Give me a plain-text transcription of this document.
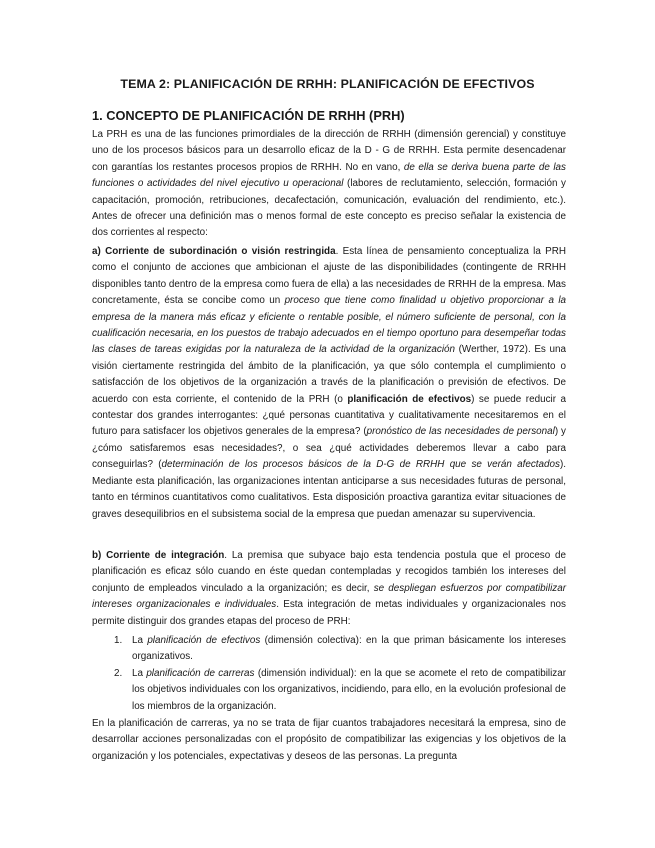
TEMA 2: PLANIFICACIÓN DE RRHH: PLANIFICACIÓN DE EFECTIVOS
1. CONCEPTO DE PLANIFICACIÓN DE RRHH (PRH)

La PRH es una de las funciones primordiales de la dirección de RRHH (dimensión gerencial) y constituye uno de los procesos básicos para un desarrollo eficaz de la D - G de RRHH. Esta permite desencadenar con garantías los restantes procesos propios de RRHH. No en vano, de ella se deriva buena parte de las funciones o actividades del nivel ejecutivo u operacional (labores de reclutamiento, selección, formación y capacitación, promoción, retribuciones, decafectación, comunicación, evaluación del rendimiento, etc.). Antes de ofrecer una definición mas o menos formal de este concepto es preciso señalar la existencia de dos corrientes al respecto:

a) Corriente de subordinación o visión restringida. Esta línea de pensamiento conceptualiza la PRH como el conjunto de acciones que ambicionan el ajuste de las disponibilidades (contingente de RRHH disponibles tanto dentro de la empresa como fuera de ella) a las necesidades de RRHH de la empresa. Mas concretamente, ésta se concibe como un proceso que tiene como finalidad u objetivo proporcionar a la empresa de la manera más eficaz y eficiente o rentable posible, el número suficiente de personal, con la cualificación necesaria, en los puestos de trabajo adecuados en el tiempo oportuno para desempeñar todas las clases de tareas exigidas por la naturaleza de la actividad de la organización (Werther, 1972). Es una visión ciertamente restringida del ámbito de la planificación, ya que sólo contempla el cumplimiento o satisfacción de los objetivos de la organización a través de la planificación o previsión de efectivos. De acuerdo con esta corriente, el contenido de la PRH (o planificación de efectivos) se puede reducir a contestar dos grandes interrogantes: ¿qué personas cuantitativa y cualitativamente necesitaremos en el futuro para satisfacer los objetivos generales de la empresa? (pronóstico de las necesidades de personal) y ¿cómo satisfaremos esas necesidades?, o sea ¿qué actividades deberemos llevar a cabo para conseguirlas? (determinación de los procesos básicos de la D-G de RRHH que se verán afectados). Mediante esta planificación, las organizaciones intentan anticiparse a sus necesidades futuras de personal, tanto en términos cuantitativos como cualitativos. Esta disposición proactiva garantiza evitar situaciones de graves desequilibrios en el subsistema social de la empresa que puedan amenazar su supervivencia.

b) Corriente de integración. La premisa que subyace bajo esta tendencia postula que el proceso de planificación es eficaz sólo cuando en éste quedan contempladas y recogidos también los intereses del conjunto de empleados vinculado a la organización; es decir, se despliegan esfuerzos por compatibilizar intereses organizacionales e individuales. Esta integración de metas individuales y organizacionales nos permite distinguir dos grandes etapas del proceso de PRH:

1. La planificación de efectivos (dimensión colectiva): en la que priman básicamente los intereses organizativos.
2. La planificación de carreras (dimensión individual): en la que se acomete el reto de compatibilizar los objetivos individuales con los organizativos, incidiendo, para ello, en la evolución profesional de los miembros de la organización.

En la planificación de carreras, ya no se trata de fijar cuantos trabajadores necesitará la empresa, sino de desarrollar acciones personalizadas con el propósito de compatibilizar las exigencias y los objetivos de la organización y los potenciales, expectativas y deseos de las personas. La pregunta
